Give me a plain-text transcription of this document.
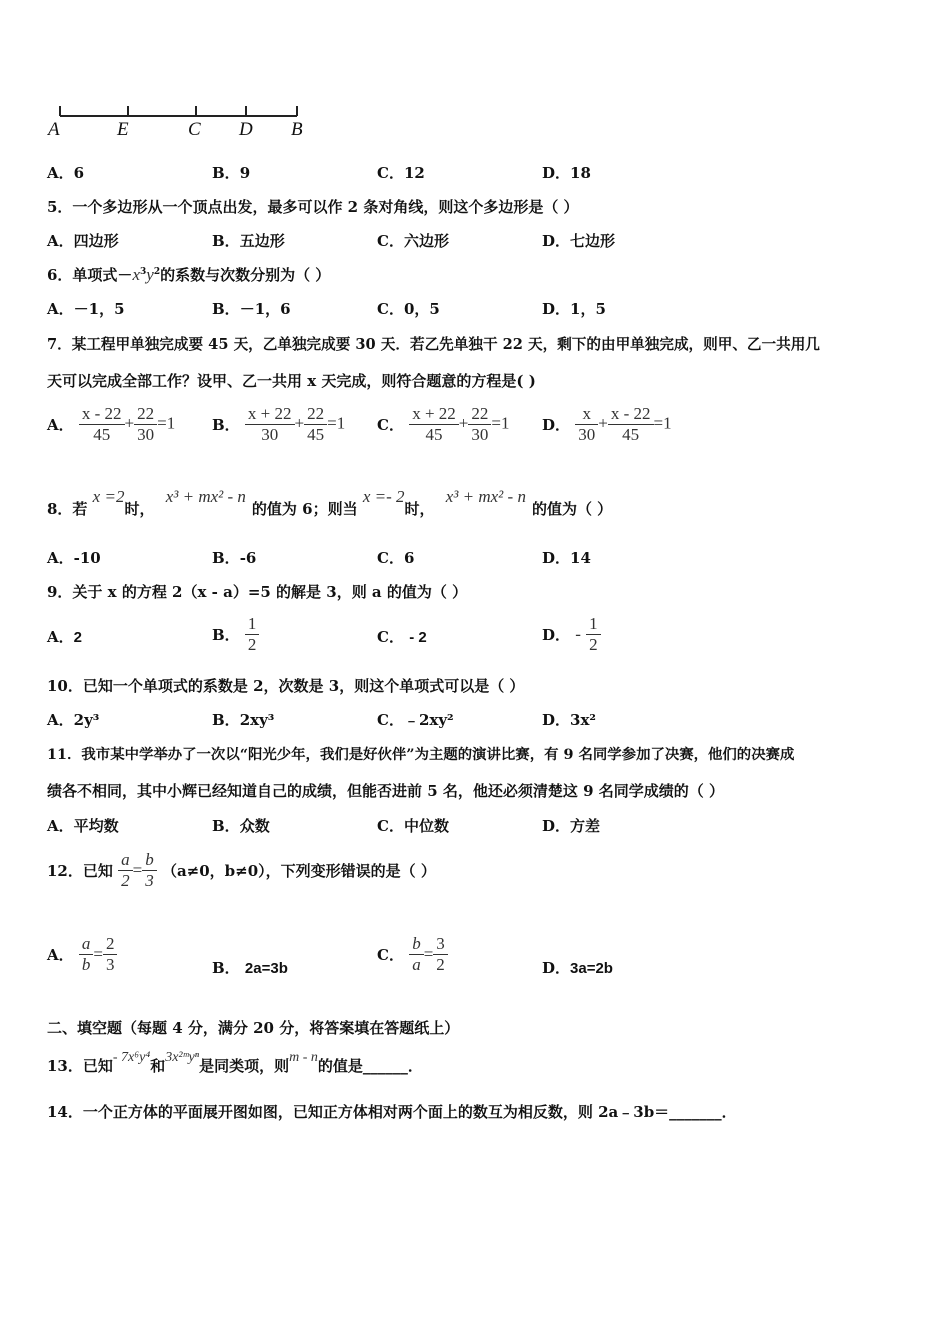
A	E	C D B
A．6	B．9	C．12	D．18
5．一个多边形从一个顶点出发，最多可以作 2 条对角线，则这个多边形是（ ）
A．四边形	B．五边形	C．六边形	D．七边形
6．单项式$-x^3y^2$的系数与次数分别为（ ）
A．－1，5	B．－1，6	C．0，5	D．1，5
7．某工程甲单独完成要 45 天，乙单独完成要 30 天．若乙先单独干 22 天，剩下的由甲单独完成，则甲、乙一共用几
天可以完成全部工作？设甲、乙一共用 x 天完成，则符合题意的方程是( )
A． $\frac{x - 22}{45} + \frac{22}{30} =1$ B． $\frac{x + 22}{30} + \frac{22}{45} =1$ C． $\frac{x + 22}{45} + \frac{22}{30} =1$ D． $\frac{x}{30} + \frac{x - 22}{45} =1$
8．若 x =2时， x³ + mx² - n的值为 6；则当 x =- 2时， x³ + mx² - n的值为（ ）
A．-10	B．-6	C．6	D．14
9．关于 x 的方程 2（x - a）=5 的解是 3，则 a 的值为（ ）
A．2	B． $\frac{1}{2}$	C． - 2	D． - $\frac{1}{2}$
10．已知一个单项式的系数是 2，次数是 3，则这个单项式可以是（ ）
A．2y³	B．2xy³	C．﹣2xy²	D．3x²
11．我市某中学举办了一次以“阳光少年，我们是好伙伴”为主题的演讲比赛，有 9 名同学参加了决赛，他们的决赛成
绩各不相同，其中小辉已经知道自己的成绩，但能否进前 5 名，他还必须清楚这 9 名同学成绩的（ ）
A．平均数	B．众数	C．中位数	D．方差
12．已知 $\frac{a}{2} = \frac{b}{3} (a\ne 0$，b≠0），下列变形错误的是（ ）
A． $\frac{a}{b} = \frac{2}{3}$	B． 2a=3b
C． $\frac{b}{a} = \frac{3}{2}$	D．3a=2b
二、填空题（每题 4 分，满分 20 分，将答案填在答题纸上）
13．已知- 7x⁶y⁴和3x²ᵐyⁿ是同类项，则m - n的值是______．
14．一个正方体的平面展开图如图，已知正方体相对两个面上的数互为相反数，则 2a﹣3b＝_______．
